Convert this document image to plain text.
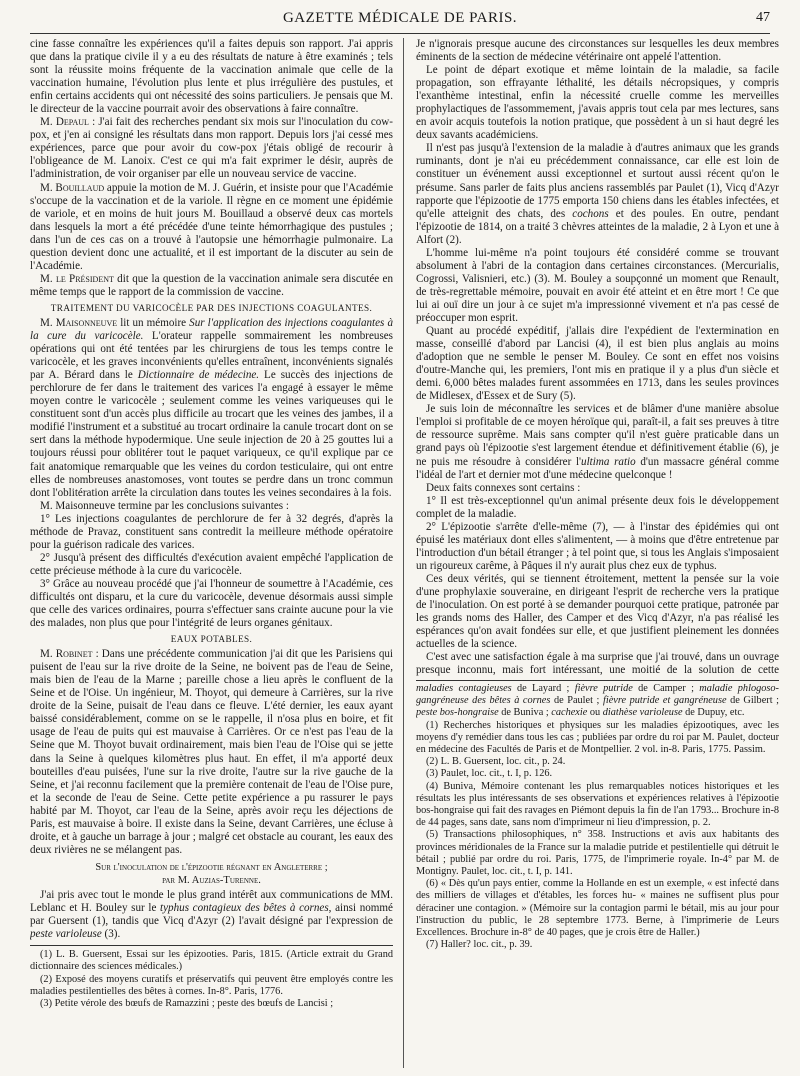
GAZETTE MÉDICALE DE PARIS.	47

cine fasse connaître les expériences qu'il a faites depuis son rapport. J'ai appris que dans la pratique civile il y a eu des résultats de nature à être examinés ; tels sont la réussite moins fréquente de la vaccination animale que celle de la vaccination humaine, l'évolution plus lente et plus irrégulière des pustules, et enfin certains accidents qui ont nécessité des soins particuliers. Je pensais que M. le directeur de la vaccine pourrait avoir des observations à faire connaître.

M. Depaul : J'ai fait des recherches pendant six mois sur l'inoculation du cow-pox, et j'en ai consigné les résultats dans mon rapport. Depuis lors j'ai cessé mes expériences, parce que pour avoir du cow-pox j'étais obligé de recourir à l'obligeance de M. Lanoix. C'est ce qui m'a fait exprimer le désir, auprès de l'administration, de voir organiser par elle un nouveau service de vaccine.

M. Bouillaud appuie la motion de M. J. Guérin, et insiste pour que l'Académie s'occupe de la vaccination et de la variole. Il règne en ce moment une épidémie de variole, et en moins de huit jours M. Bouillaud a observé deux cas mortels dans lesquels la mort a été précédée d'une teinte hémorrhagique des pustules ; dans l'un de ces cas on a trouvé à l'autopsie une hémorrhagie pulmonaire. La question devient donc une actualité, et il est important de la discuter au sein de l'Académie.

M. le Président dit que la question de la vaccination animale sera discutée en même temps que le rapport de la commission de vaccine.

TRAITEMENT DU VARICOCÈLE PAR DES INJECTIONS COAGULANTES.

M. Maisonneuve lit un mémoire Sur l'application des injections coagulantes à la cure du varicocèle. L'orateur rappelle sommairement les nombreuses opérations qui ont été tentées par les chirurgiens de tous les temps contre le varicocèle, et les graves inconvénients qu'elles entraînent, inconvénients signalés par A. Bérard dans le Dictionnaire de médecine. Le succès des injections de perchlorure de fer dans le traitement des varices l'a engagé à essayer le même moyen contre le varicocèle ; seulement comme les veines variqueuses qui le constituent sont d'un accès plus difficile au trocart que les veines des jambes, il a modifié l'instrument et a substitué au trocart ordinaire la canule trocart dont on se sert dans la méthode hypodermique. Une seule injection de 20 à 25 gouttes lui a toujours réussi pour oblitérer tout le paquet variqueux, ce qu'il explique par ce fait anatomique remarquable que les veines du cordon testiculaire, qui ont entre elles de nombreuses anastomoses, vont toutes se perdre dans un tronc commun dont l'oblitération arrête la circulation dans toutes les veines secondaires à la fois.

M. Maisonneuve termine par les conclusions suivantes :

1° Les injections coagulantes de perchlorure de fer à 32 degrés, d'après la méthode de Pravaz, constituent sans contredit la meilleure méthode opératoire pour la guérison radicale des varices.

2° Jusqu'à présent des difficultés d'exécution avaient empêché l'application de cette précieuse méthode à la cure du varicocèle.

3° Grâce au nouveau procédé que j'ai l'honneur de soumettre à l'Académie, ces difficultés ont disparu, et la cure du varicocèle, devenue désormais aussi simple que celle des varices ordinaires, pourra s'effectuer sans crainte aucune pour la vie des malades, non plus que pour l'intégrité de leurs organes génitaux.

EAUX POTABLES.

M. Robinet : Dans une précédente communication j'ai dit que les Parisiens qui puisent de l'eau sur la rive droite de la Seine, ne boivent pas de l'eau de Seine, mais bien de l'eau de la Marne ; pareille chose a lieu après le confluent de la Seine et de l'Oise. Un ingénieur, M. Thoyot, qui demeure à Carrières, sur la rive droite de la Seine, puisait de l'eau dans ce fleuve. L'été dernier, les eaux ayant baissé considérablement, comme on se le rappelle, il n'osa plus en boire, et fit usage de l'eau de puits qui est mauvaise à Carrières. Or ce n'est pas l'eau de la Seine que M. Thoyot buvait ordinairement, mais bien l'eau de l'Oise qui se jette dans la Seine à quelques kilomètres plus haut. En effet, il m'a apporté deux bouteilles d'eau puisées, l'une sur la rive droite, l'autre sur la rive gauche de la Seine, et j'ai reconnu facilement que la première contenait de l'eau de l'Oise pure, et la seconde de l'eau de Seine. Cette petite expérience a pu rassurer le pays habité par M. Thoyot, car l'eau de la Seine, après avoir reçu les déjections de Paris, est mauvaise à boire. Il existe dans la Seine, devant Carrières, une écluse à droite, et à gauche un barrage à jour ; malgré cet obstacle au courant, les eaux des deux rivières ne se mélangent pas.

Sur l'inoculation de l'épizootie régnant en Angleterre ;
par M. Auzias-Turenne.

J'ai pris avec tout le monde le plus grand intérêt aux communications de MM. Leblanc et H. Bouley sur le typhus contagieux des bêtes à cornes, ainsi nommé par Guersent (1), tandis que Vicq d'Azyr (2) l'avait désigné par l'expression de peste varioleuse (3).

(1) L. B. Guersent, Essai sur les épizooties. Paris, 1815. (Article extrait du Grand dictionnaire des sciences médicales.)

(2) Exposé des moyens curatifs et préservatifs qui peuvent être employés contre les maladies pestilentielles des bêtes à cornes. In-8°. Paris, 1776.

(3) Petite vérole des bœufs de Ramazzini ; peste des bœufs de Lancisi ;

Je n'ignorais presque aucune des circonstances sur lesquelles les deux membres éminents de la section de médecine vétérinaire ont appelé l'attention.

Le point de départ exotique et même lointain de la maladie, sa facile propagation, son effrayante léthalité, les détails nécropsiques, y compris l'exanthème intestinal, enfin la nécessité cruelle comme les merveilles prophylactiques de l'assommement, j'avais appris tout cela par mes lectures, sans en avoir acquis toutefois la notion pratique, que possèdent à un si haut degré les deux savants académiciens.

Il n'est pas jusqu'à l'extension de la maladie à d'autres animaux que les grands ruminants, dont je n'ai eu précédemment connaissance, car elle est loin de constituer un événement aussi exceptionnel et surtout aussi récent qu'on le présume. Sans parler de faits plus anciens rassemblés par Paulet (1), Vicq d'Azyr rapporte que l'épizootie de 1775 emporta 150 chiens dans les étables infectées, et qu'elle atteignit des chats, des cochons et des poules. En outre, pendant l'épizootie de 1814, on a traité 3 chèvres atteintes de la maladie, 2 à Lyon et une à Alfort (2).

L'homme lui-même n'a point toujours été considéré comme se trouvant absolument à l'abri de la contagion dans certaines circonstances. (Mercurialis, Cogrossi, Valisnieri, etc.) (3). M. Bouley a soupçonné un moment que Renault, de très-regrettable mémoire, pouvait en avoir été atteint et en être mort ! Ce que lui ai ouï dire un jour à ce sujet m'a impressionné vivement et n'a pas cessé de préoccuper mon esprit.

Quant au procédé expéditif, j'allais dire l'expédient de l'extermination en masse, conseillé d'abord par Lancisi (4), il est bien plus anglais au moins d'adoption que ne semble le penser M. Bouley. Ce sont en effet nos voisins d'outre-Manche qui, les premiers, l'ont mis en pratique il y a plus d'un siècle et demi. 6,000 bêtes malades furent assommées en 1713, dans les seules provinces de Midlesex, d'Essex et de Sury (5).

Je suis loin de méconnaître les services et de blâmer d'une manière absolue l'emploi si profitable de ce moyen héroïque qui, paraît-il, a fait ses preuves à titre de ressource suprême. Mais sans compter qu'il n'est guère praticable dans un grand pays où l'épizootie s'est largement étendue et définitivement établie (6), je ne puis me résoudre à considérer l'ultima ratio d'un massacre général comme l'idéal de l'art et dernier mot d'une médecine quelconque !

Deux faits connexes sont certains :

1° Il est très-exceptionnel qu'un animal présente deux fois le développement complet de la maladie.

2° L'épizootie s'arrête d'elle-même (7), — à l'instar des épidémies qui ont épuisé les matériaux dont elles s'alimentent, — à moins que d'être entretenue par l'introduction d'un bétail étranger ; à tel point que, si tous les Anglais s'imposaient un rigoureux carême, à Pâques il n'y aurait plus chez eux de typhus.

Ces deux vérités, qui se tiennent étroitement, mettent la pensée sur la voie d'une prophylaxie souveraine, en dirigeant l'esprit de recherche vers la pratique de l'inoculation. On est porté à se demander pourquoi cette pratique, patronée par les grands noms des Haller, des Camper et des Vicq d'Azyr, n'a pas réalisé les espérances qu'on avait fondées sur elle, et que justifient pleinement les données actuelles de la science.

C'est avec une satisfaction égale à ma surprise que j'ai trouvé, dans un ouvrage presque inconnu, mais fort intéressant, une moitié de la solution de cette

maladies contagieuses de Layard ; fièvre putride de Camper ; maladie phlogoso-gangréneuse des bêtes à cornes de Paulet ; fièvre putride et gangréneuse de Gilbert ; peste bos-hongraise de Buniva ; cachexie ou diathèse varioleuse de Dupuy, etc.

(1) Recherches historiques et physiques sur les maladies épizootiques, avec les moyens d'y remédier dans tous les cas ; publiées par ordre du roi par M. Paulet, docteur en médecine des Facultés de Paris et de Montpellier. 2 vol. in-8. Paris, 1775. Passim.

(2) L. B. Guersent, loc. cit., p. 24.

(3) Paulet, loc. cit., t. I, p. 126.

(4) Buniva, Mémoire contenant les plus remarquables notices historiques et les résultats les plus intéressants de ses observations et expériences relatives à l'épizootie bos-hongraise qui fait des ravages en Piémont depuis la fin de l'an 1793... Brochure in-8 de 44 pages, sans date, sans nom d'imprimeur ni lieu d'impression, p. 2.

(5) Transactions philosophiques, n° 358. Instructions et avis aux habitants des provinces méridionales de la France sur la maladie putride et pestilentielle qui détruit le bétail ; publié par ordre du roi. Paris, 1775, de l'imprimerie royale. In-4° par M. de Montigny. Paulet, loc. cit., t. I, p. 141.

(6) « Dès qu'un pays entier, comme la Hollande en est un exemple, « est infecté dans des milliers de villages et d'étables, les forces hu- « maines ne suffisent plus pour déraciner une contagion. » (Mémoire sur la contagion parmi le bétail, mis au jour pour l'instruction du public, le 28 septembre 1773. Berne, à l'imprimerie de Leurs Excellences. Brochure in-8° de 40 pages, que je crois être de Haller.)

(7) Haller? loc. cit., p. 39.
